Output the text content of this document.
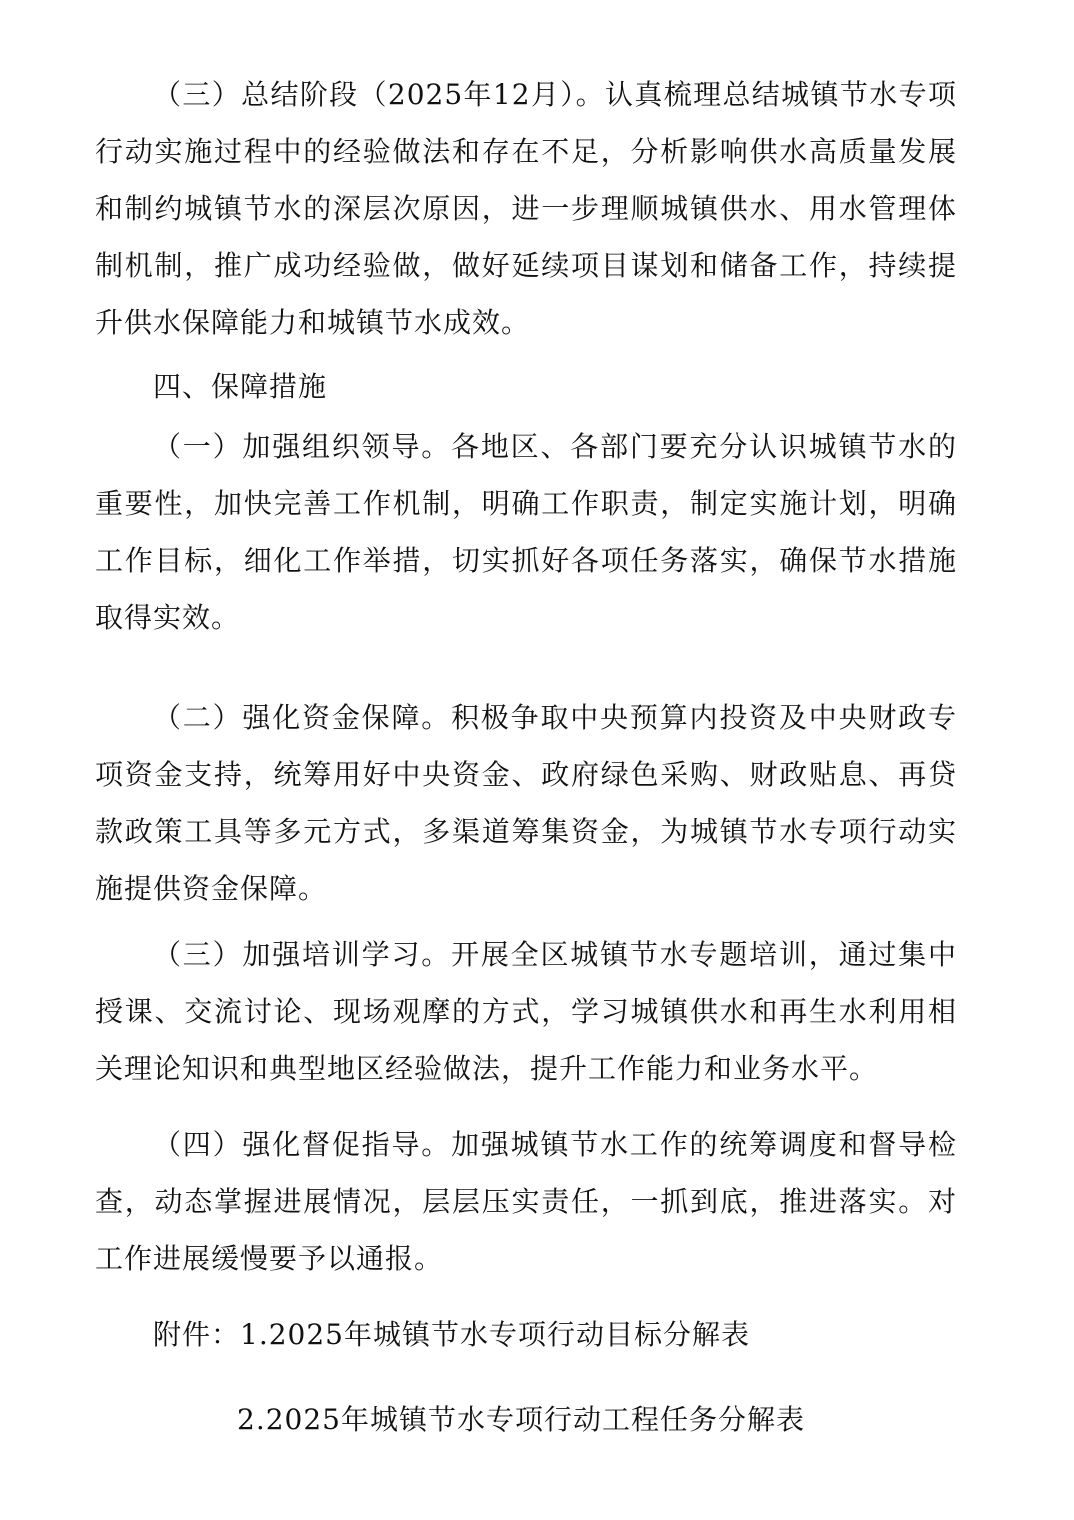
（三）总结阶段（2025年12月）。认真梳理总结城镇节水专项行动实施过程中的经验做法和存在不足，分析影响供水高质量发展和制约城镇节水的深层次原因，进一步理顺城镇供水、用水管理体制机制，推广成功经验做，做好延续项目谋划和储备工作，持续提升供水保障能力和城镇节水成效。

四、保障措施

（一）加强组织领导。各地区、各部门要充分认识城镇节水的重要性，加快完善工作机制，明确工作职责，制定实施计划，明确工作目标，细化工作举措，切实抓好各项任务落实，确保节水措施取得实效。

（二）强化资金保障。积极争取中央预算内投资及中央财政专项资金支持，统筹用好中央资金、政府绿色采购、财政贴息、再贷款政策工具等多元方式，多渠道筹集资金，为城镇节水专项行动实施提供资金保障。

（三）加强培训学习。开展全区城镇节水专题培训，通过集中授课、交流讨论、现场观摩的方式，学习城镇供水和再生水利用相关理论知识和典型地区经验做法，提升工作能力和业务水平。

（四）强化督促指导。加强城镇节水工作的统筹调度和督导检查，动态掌握进展情况，层层压实责任，一抓到底，推进落实。对工作进展缓慢要予以通报。

附件：1.2025年城镇节水专项行动目标分解表

2.2025年城镇节水专项行动工程任务分解表
